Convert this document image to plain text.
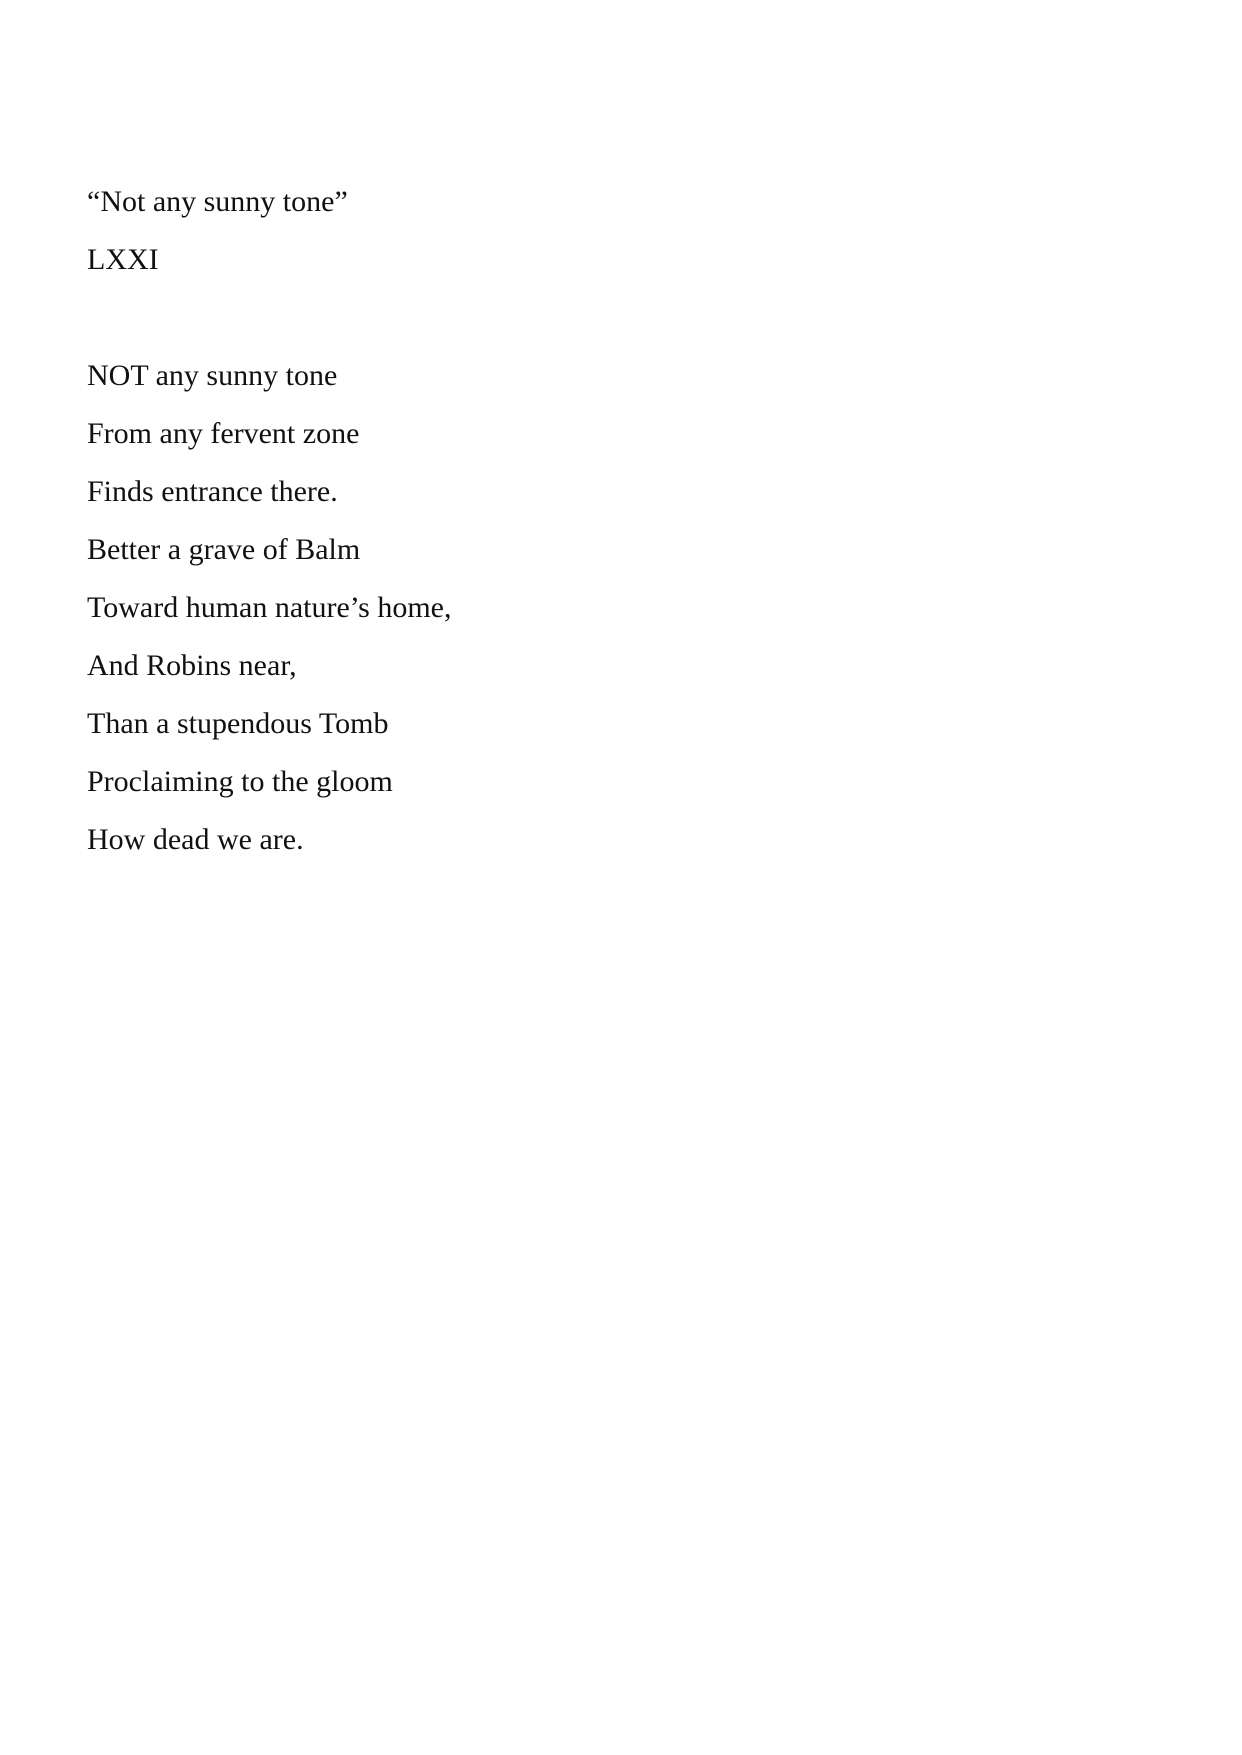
“Not any sunny tone”
LXXI
NOT any sunny tone
From any fervent zone
Finds entrance there.
Better a grave of Balm
Toward human nature’s home,
And Robins near,
Than a stupendous Tomb
Proclaiming to the gloom
How dead we are.
